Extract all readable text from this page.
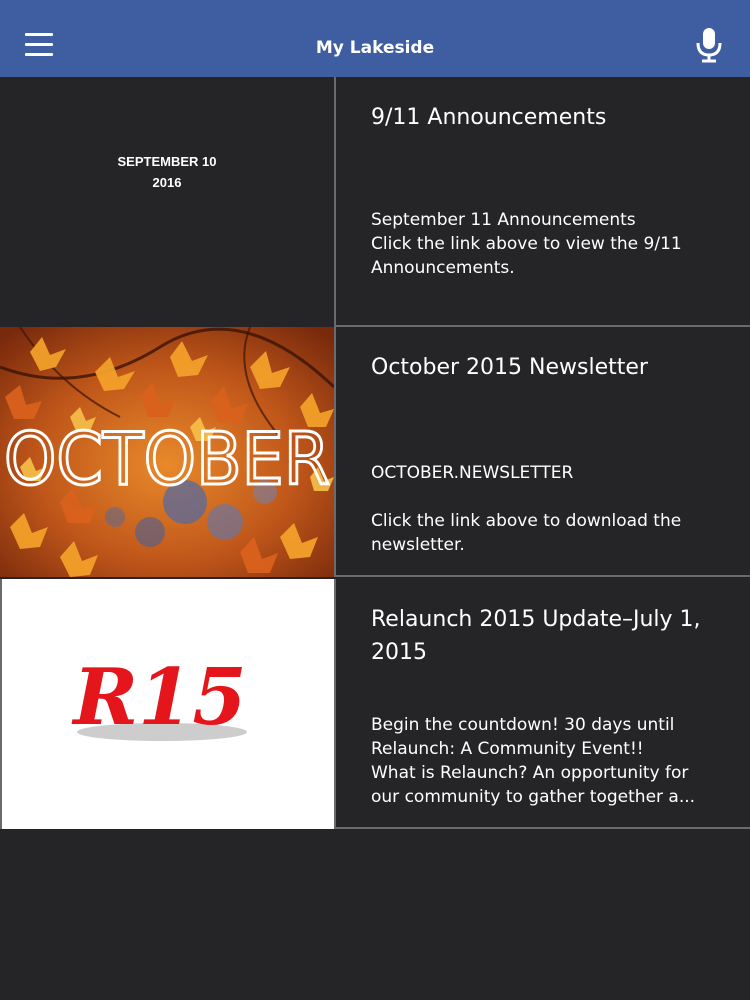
My Lakeside
SEPTEMBER 10
2016
9/11 Announcements
September 11 Announcements
Click the link above to view the 9/11
Announcements.
OCTOBER
October 2015 Newsletter
OCTOBER.NEWSLETTER
Click the link above to download the
newsletter.
R15
Relaunch 2015 Update–July 1,
2015
Begin the countdown! 30 days until
Relaunch: A Community Event!!
What is Relaunch? An opportunity for
our community to gather together a...
